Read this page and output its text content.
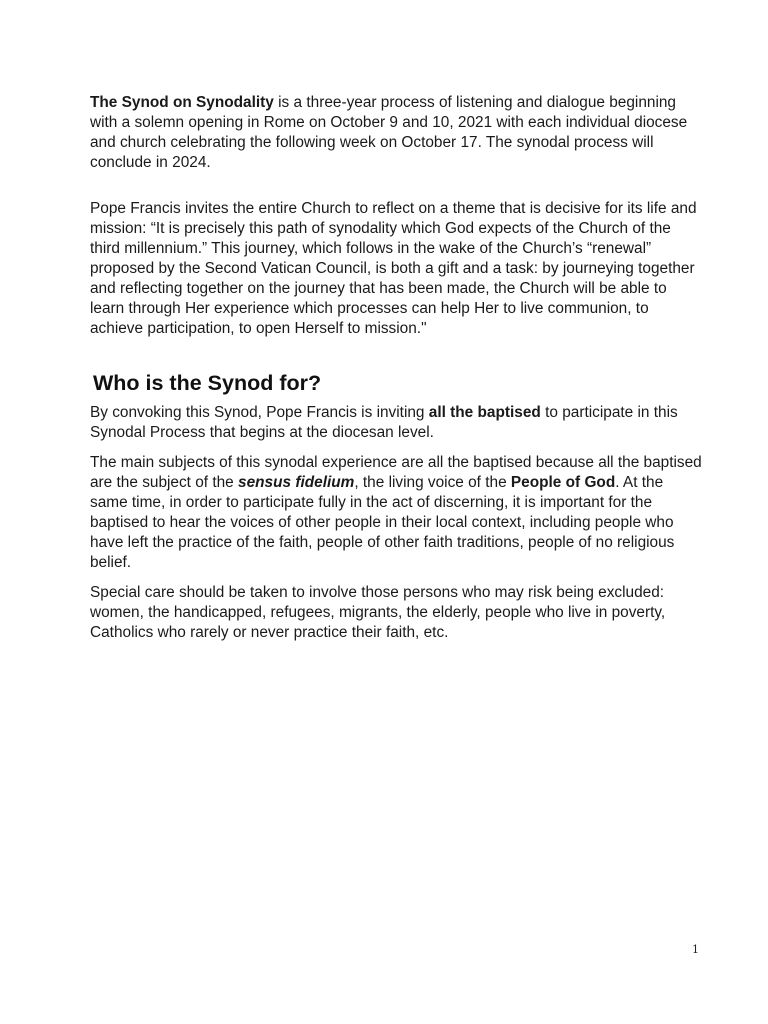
The Synod on Synodality is a three-year process of listening and dialogue beginning with a solemn opening in Rome on October 9 and 10, 2021 with each individual diocese and church celebrating the following week on October 17. The synodal process will conclude in 2024.

Pope Francis invites the entire Church to reflect on a theme that is decisive for its life and mission: “It is precisely this path of synodality which God expects of the Church of the third millennium.” This journey, which follows in the wake of the Church’s “renewal” proposed by the Second Vatican Council, is both a gift and a task: by journeying together and reflecting together on the journey that has been made, the Church will be able to learn through Her experience which processes can help Her to live communion, to achieve participation, to open Herself to mission."

Who is the Synod for?

By convoking this Synod, Pope Francis is inviting all the baptised to participate in this Synodal Process that begins at the diocesan level.

The main subjects of this synodal experience are all the baptised because all the baptised are the subject of the sensus fidelium, the living voice of the People of God. At the same time, in order to participate fully in the act of discerning, it is important for the baptised to hear the voices of other people in their local context, including people who have left the practice of the faith, people of other faith traditions, people of no religious belief.

Special care should be taken to involve those persons who may risk being excluded: women, the handicapped, refugees, migrants, the elderly, people who live in poverty, Catholics who rarely or never practice their faith, etc.

1
